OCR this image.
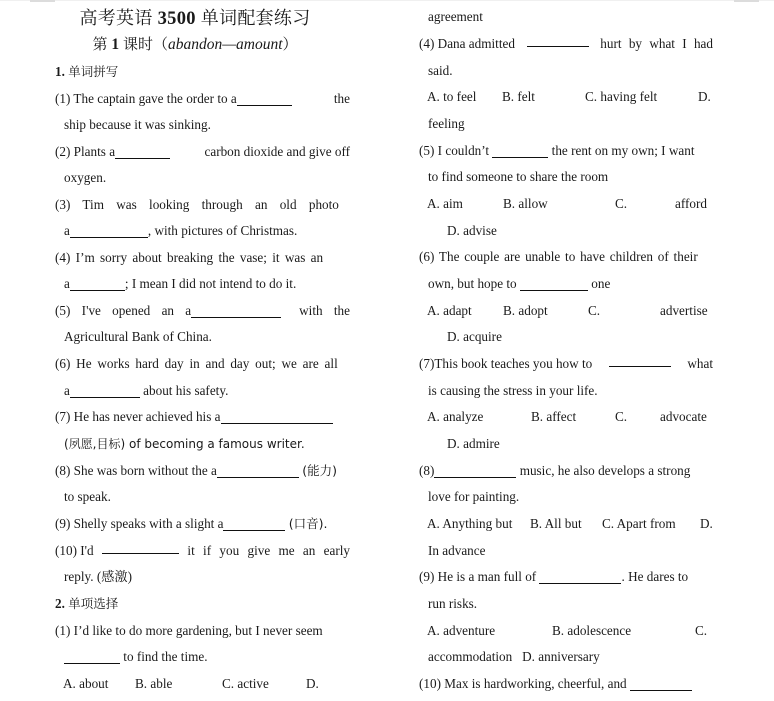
高考英语 3500 单词配套练习
第 1 课时（abandon—amount）
1. 单词拼写
(1) The captain gave the order to a	the
ship because it was sinking.
(2) Plants a	carbon dioxide and give off
oxygen.
(3) Tim was looking through an old photo
a	, with pictures of Christmas.
(4) I’m sorry about breaking the vase; it was an
a	; I mean I did not intend to do it.
(5) I've opened an a	with the
Agricultural Bank of China.
(6) He works hard day in and day out; we are all
a	about his safety.
(7) He has never achieved his a
(夙愿,目标) of becoming a famous writer.
(8) She was born without the a	(能力)
to speak.
(9) Shelly speaks with a slight a	(口音).
(10) I'd	it if you give me an early
reply. (感激)
2. 单项选择
(1) I’d like to do more gardening, but I never seem
to find the time.
A. about B. able	C. active	D.
agreement
(4) Dana admitted	hurt by what I had
said.
A. to feel B. felt	C. having felt	D.
feeling
(5) I couldn’t	the rent on my own; I want
to find someone to share the room
A. aim	B. allow	C.	afford
D. advise
(6) The couple are unable to have children of their
own, but hope to	one
A. adapt B. adopt	C.	advertise
D. acquire
(7)This book teaches you how to	what
is causing the stress in your life.
A. analyze	B. affect	C. advocate
D. admire
(8)	music, he also develops a strong
love for painting.
A. Anything but B. All but C. Apart from D.
In advance
(9) He is a man full of	. He dares to
run risks.
A. adventure	B. adolescence	C.
accommodation D. anniversary
(10) Max is hardworking, cheerful, and
